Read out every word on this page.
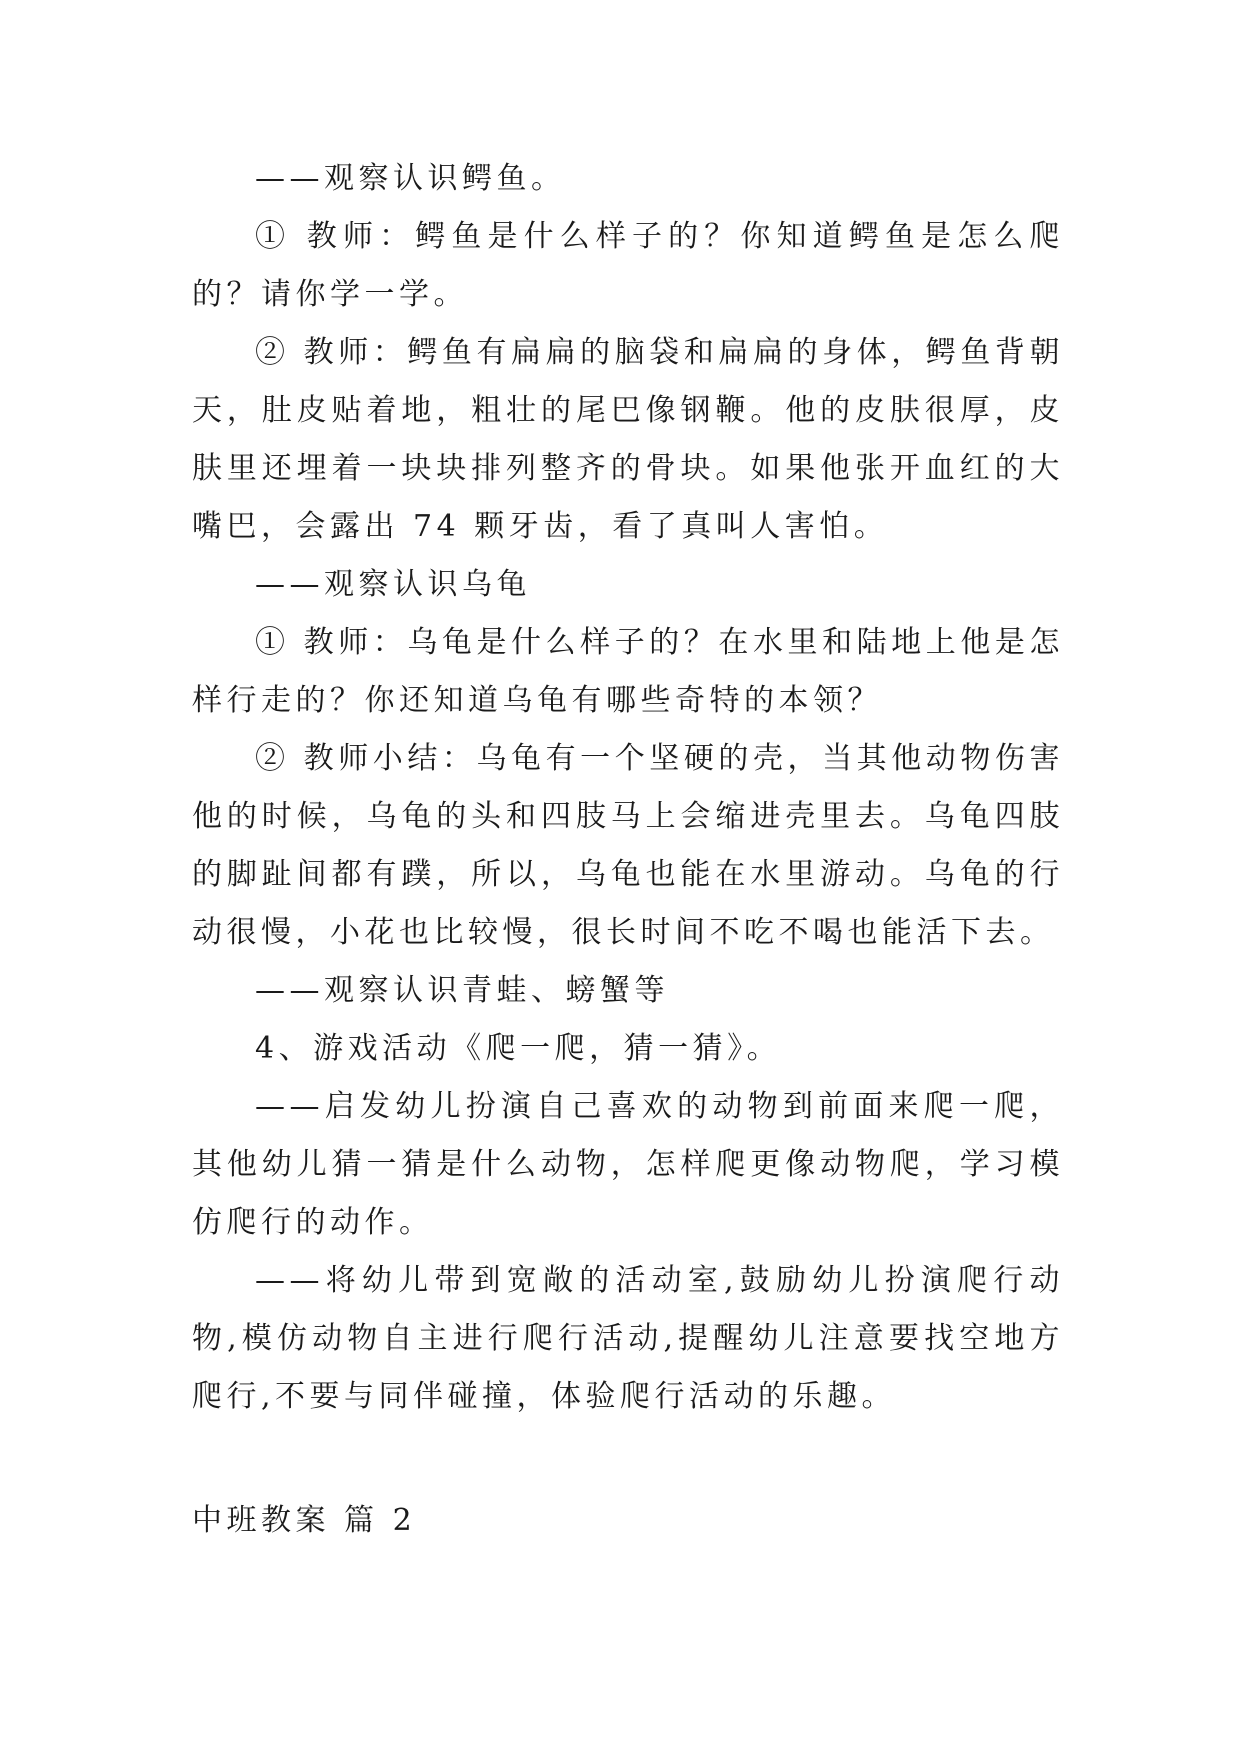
——观察认识鳄鱼。

① 教师：鳄鱼是什么样子的？你知道鳄鱼是怎么爬的？请你学一学。

② 教师：鳄鱼有扁扁的脑袋和扁扁的身体，鳄鱼背朝天，肚皮贴着地，粗壮的尾巴像钢鞭。他的皮肤很厚，皮肤里还埋着一块块排列整齐的骨块。如果他张开血红的大嘴巴，会露出 74 颗牙齿，看了真叫人害怕。

——观察认识乌龟

① 教师：乌龟是什么样子的？在水里和陆地上他是怎样行走的？你还知道乌龟有哪些奇特的本领？

② 教师小结：乌龟有一个坚硬的壳，当其他动物伤害他的时候，乌龟的头和四肢马上会缩进壳里去。乌龟四肢的脚趾间都有蹼，所以，乌龟也能在水里游动。乌龟的行动很慢，小花也比较慢，很长时间不吃不喝也能活下去。

——观察认识青蛙、螃蟹等

4、游戏活动《爬一爬，猜一猜》。

——启发幼儿扮演自己喜欢的动物到前面来爬一爬，其他幼儿猜一猜是什么动物，怎样爬更像动物爬，学习模仿爬行的动作。

——将幼儿带到宽敞的活动室,鼓励幼儿扮演爬行动物,模仿动物自主进行爬行活动,提醒幼儿注意要找空地方爬行,不要与同伴碰撞，体验爬行活动的乐趣。

中班教案 篇 2
